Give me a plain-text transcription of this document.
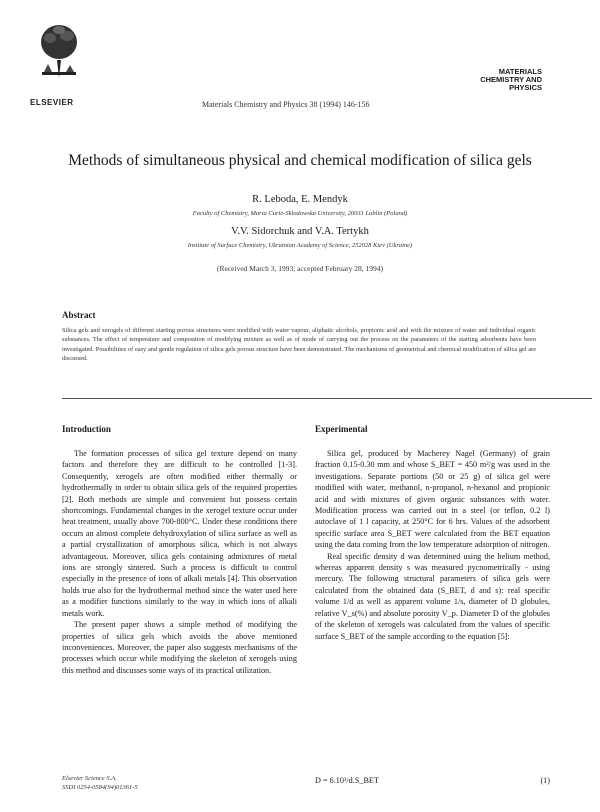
ELSEVIER	Materials Chemistry and Physics 38 (1994) 146-156
MATERIALS
CHEMISTRY AND
PHYSICS
Methods of simultaneous physical and chemical modification of silica gels
R. Leboda, E. Mendyk
Faculty of Chemistry, Maria Curie-Sklodowska University, 20031 Lublin (Poland)
V.V. Sidorchuk and V.A. Tertykh
Institute of Surface Chemistry, Ukrainian Academy of Science, 252028 Kiev (Ukraine)
(Received March 3, 1993; accepted February 28, 1994)
Abstract
Silica gels and xerogels of different starting porous structures were modified with water vapour, aliphatic alcohols, propionic acid and with the mixture of water and individual organic substances. The effect of temperature and composition of modifying mixture as well as of mode of carrying out the process on the parameters of the starting adsorbents have been investigated. Possibilities of easy and gentle regulation of silica gels porous structure have been demonstrated. The mechanisms of geometrical and chemical modification of silica gel are discussed.
Introduction

The formation processes of silica gel texture depend on many factors and therefore they are difficult to be controlled [1-3]. Consequently, xerogels are often modified either thermally or hydrothermally in order to obtain silica gels of the required properties [2]. Both methods are simple and convenient but possess certain shortcomings. Fundamental changes in the xerogel texture occur under heat treatment, usually above 700-800°C. Under these conditions there occurs an almost complete dehydroxylation of silica surface as well as a partial crystallization of amorphous silica, which is not always advantageous. Moreover, silica gels containing admixtures of metal ions are strongly sintered. Such a process is difficult to control especially in the presence of ions of alkali metals [4]. This observation holds true also for the hydrothermal method since the water used here as a modifier functions similarly to the way in which ions of alkali metals work.

The present paper shows a simple method of modifying the properties of silica gels which avoids the above mentioned inconveniences. Moreover, the paper also suggests mechanisms of the processes which occur while modifying the skeleton of xerogels using this method and discusses some ways of its practical utilization.

Experimental

Silica gel, produced by Macherey Nagel (Germany) of grain fraction 0.15-0.30 mm and whose S_BET = 450 m²/g was used in the investigations. Separate portions (50 or 25 g) of silica gel were modified with water, methanol, n-propanol, n-hexanol and propionic acid and with mixtures of given organic substances with water. Modification process was carried out in a steel (or teflon, 0.2 l) autoclave of 1 l capacity, at 250°C for 6 hrs. Values of the adsorbent specific surface area S_BET were calculated from the BET equation using the data coming from the low temperature adsorption of nitrogen.

Real specific density d was determined using the helium method, whereas apparent density s was measured pycnometrically - using mercury. The following structural parameters of silica gels were calculated from the obtained data (S_BET, d and s): real specific volume 1/d as well as apparent volume 1/s, diameter of D globules, relative V_s(%) and absolute porosity V_p. Diameter D of the globules of the skeleton of xerogels was calculated from the values of specific surface S_BET of the sample according to the equation [5]:

D = 6.10³/d.S_BET	(1)
Elsevier Science S.A.
SSDI 0254-0584(94)01361-5
